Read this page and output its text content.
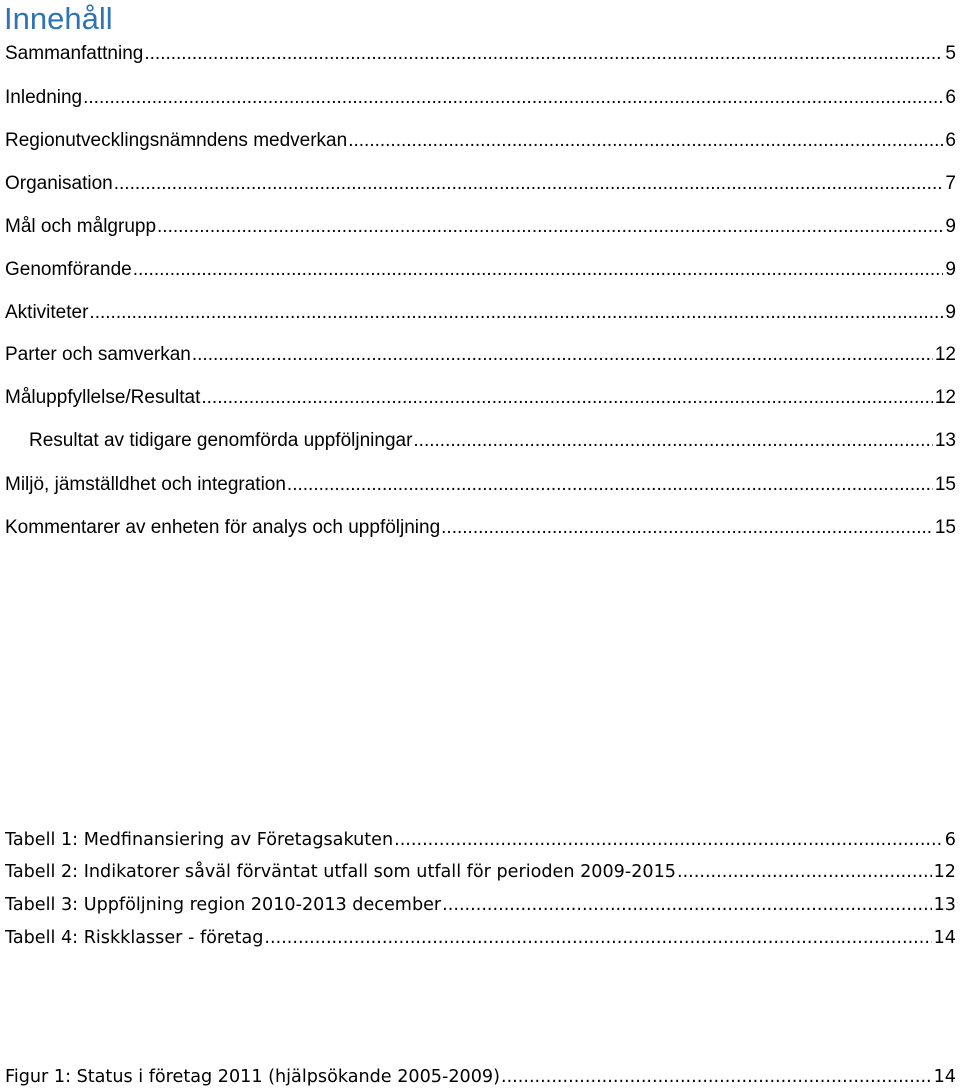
Innehåll
Sammanfattning .....	5
Inledning .....	6
Regionutvecklingsnämndens medverkan .....	6
Organisation .....	7
Mål och målgrupp .....	9
Genomförande .....	9
Aktiviteter .....	9
Parter och samverkan .....	12
Måluppfyllelse/Resultat .....	12
Resultat av tidigare genomförda uppföljningar .....	13
Miljö, jämställdhet och integration .....	15
Kommentarer av enheten för analys och uppföljning .....	15
Tabell 1: Medfinansiering av Företagsakuten .....	6
Tabell 2: Indikatorer såväl förväntat utfall som utfall för perioden 2009-2015 .....	12
Tabell 3: Uppföljning region 2010-2013 december .....	13
Tabell 4: Riskklasser - företag .....	14
Figur 1: Status i företag 2011 (hjälpsökande 2005-2009) .....	14
